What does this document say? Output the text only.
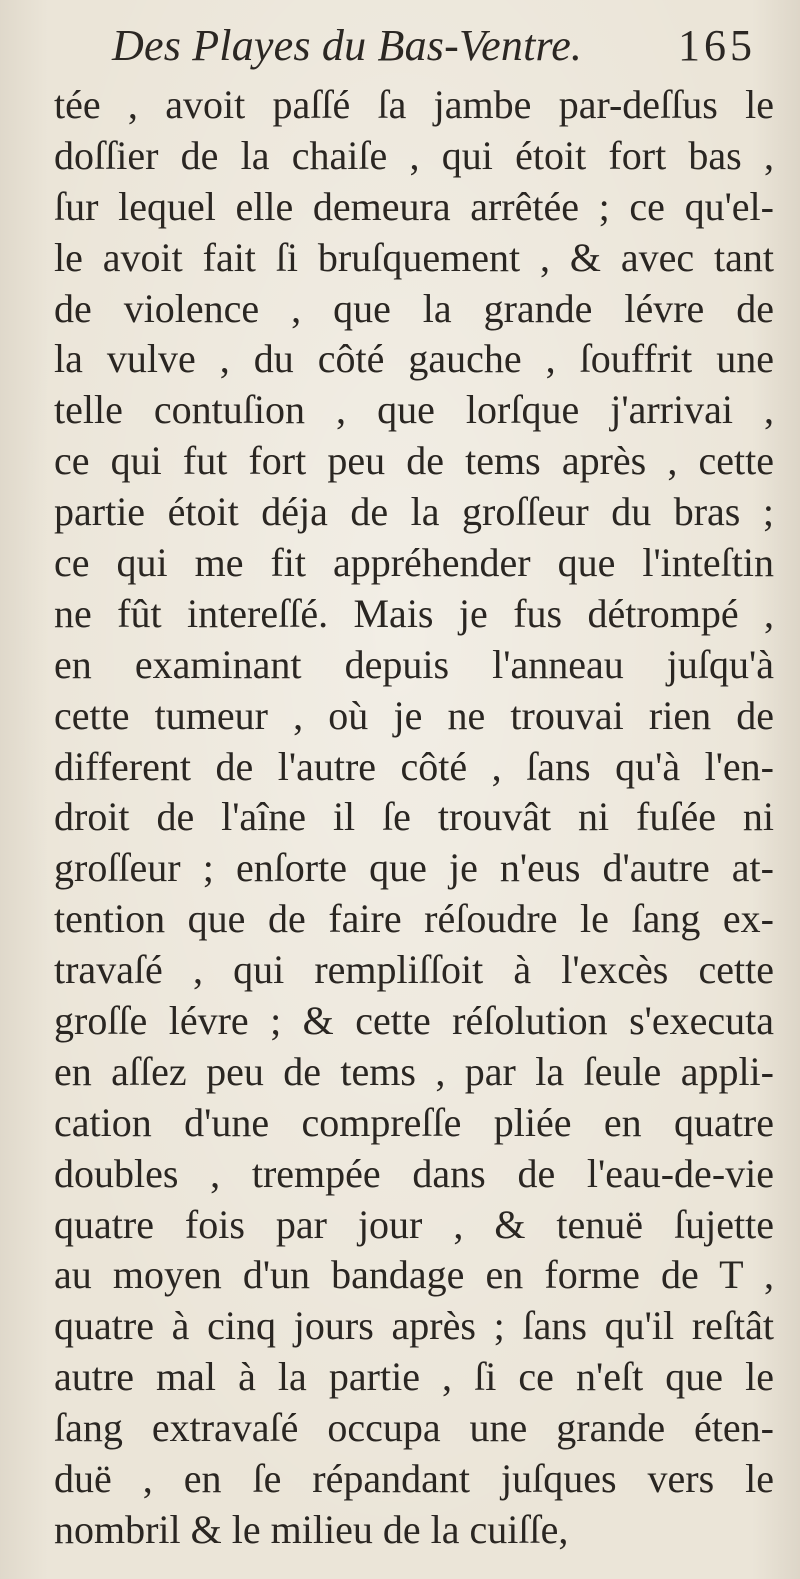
Des Playes du Bas-Ventre. 165
tée , avoit paſſé ſa jambe par-deſſus le
doſſier de la chaiſe , qui étoit fort bas ,
ſur lequel elle demeura arrêtée ; ce qu'el-
le avoit fait ſi bruſquement , & avec tant
de violence , que la grande lévre de
la vulve , du côté gauche , ſouffrit une
telle contuſion , que lorſque j'arrivai ,
ce qui fut fort peu de tems après , cette
partie étoit déja de la groſſeur du bras ;
ce qui me fit appréhender que l'inteſtin
ne fût intereſſé. Mais je fus détrompé ,
en examinant depuis l'anneau juſqu'à
cette tumeur , où je ne trouvai rien de
different de l'autre côté , ſans qu'à l'en-
droit de l'aîne il ſe trouvât ni fuſée ni
groſſeur ; enſorte que je n'eus d'autre at-
tention que de faire réſoudre le ſang ex-
travaſé , qui rempliſſoit à l'excès cette
groſſe lévre ; & cette réſolution s'executa
en aſſez peu de tems , par la ſeule appli-
cation d'une compreſſe pliée en quatre
doubles , trempée dans de l'eau-de-vie
quatre fois par jour , & tenuë ſujette
au moyen d'un bandage en forme de T ,
quatre à cinq jours après ; ſans qu'il reſtât
autre mal à la partie , ſi ce n'eſt que le
ſang extravaſé occupa une grande éten-
duë , en ſe répandant juſques vers le
nombril & le milieu de la cuiſſe,
